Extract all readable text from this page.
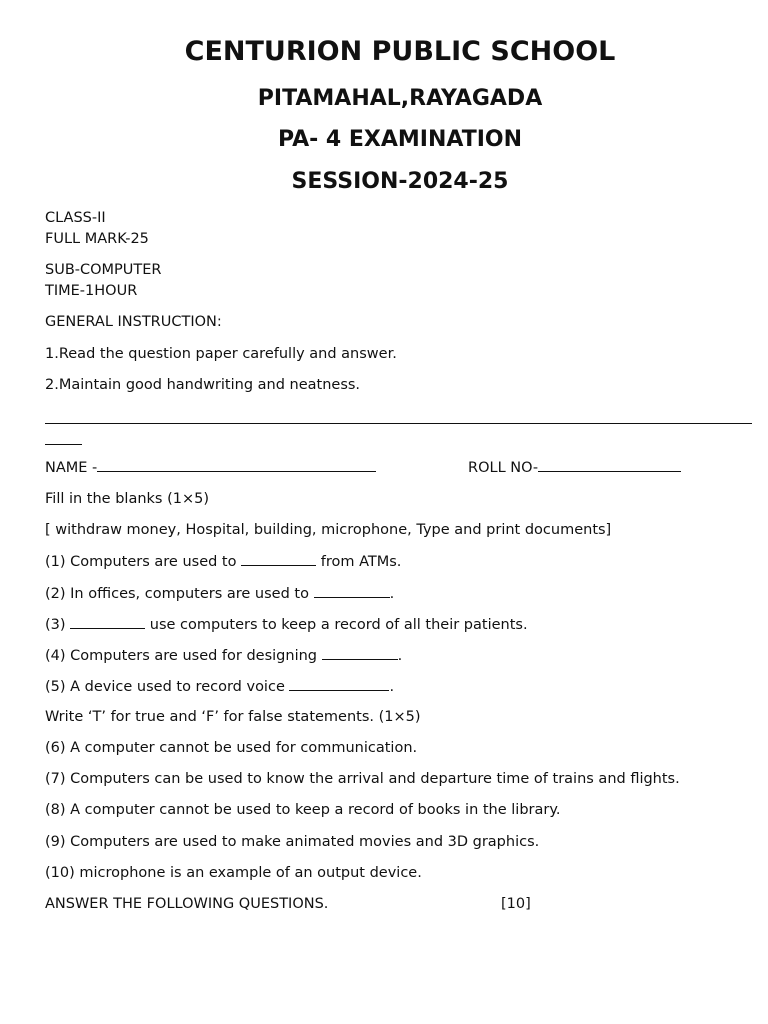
CENTURION PUBLIC SCHOOL
PITAMAHAL,RAYAGADA
PA- 4 EXAMINATION
SESSION-2024-25

CLASS-II

FULL MARK-25

SUB-COMPUTER

TIME-1HOUR

GENERAL INSTRUCTION:

1.Read the question paper carefully and answer.

2.Maintain good handwriting and neatness.

NAME -	ROLL NO-

Fill in the blanks (1×5)

[ withdraw money, Hospital, building, microphone, Type and print documents]

(1) Computers are used to	from ATMs.

(2) In offices, computers are used to	.

(3)	use computers to keep a record of all their patients.

(4) Computers are used for designing	.

(5) A device used to record voice	.

Write ‘T’ for true and ‘F’ for false statements. (1×5)

(6) A computer cannot be used for communication.

(7) Computers can be used to know the arrival and departure time of trains and flights.

(8) A computer cannot be used to keep a record of books in the library.

(9) Computers are used to make animated movies and 3D graphics.

(10) microphone is an example of an output device.

ANSWER THE FOLLOWING QUESTIONS.	[10]
